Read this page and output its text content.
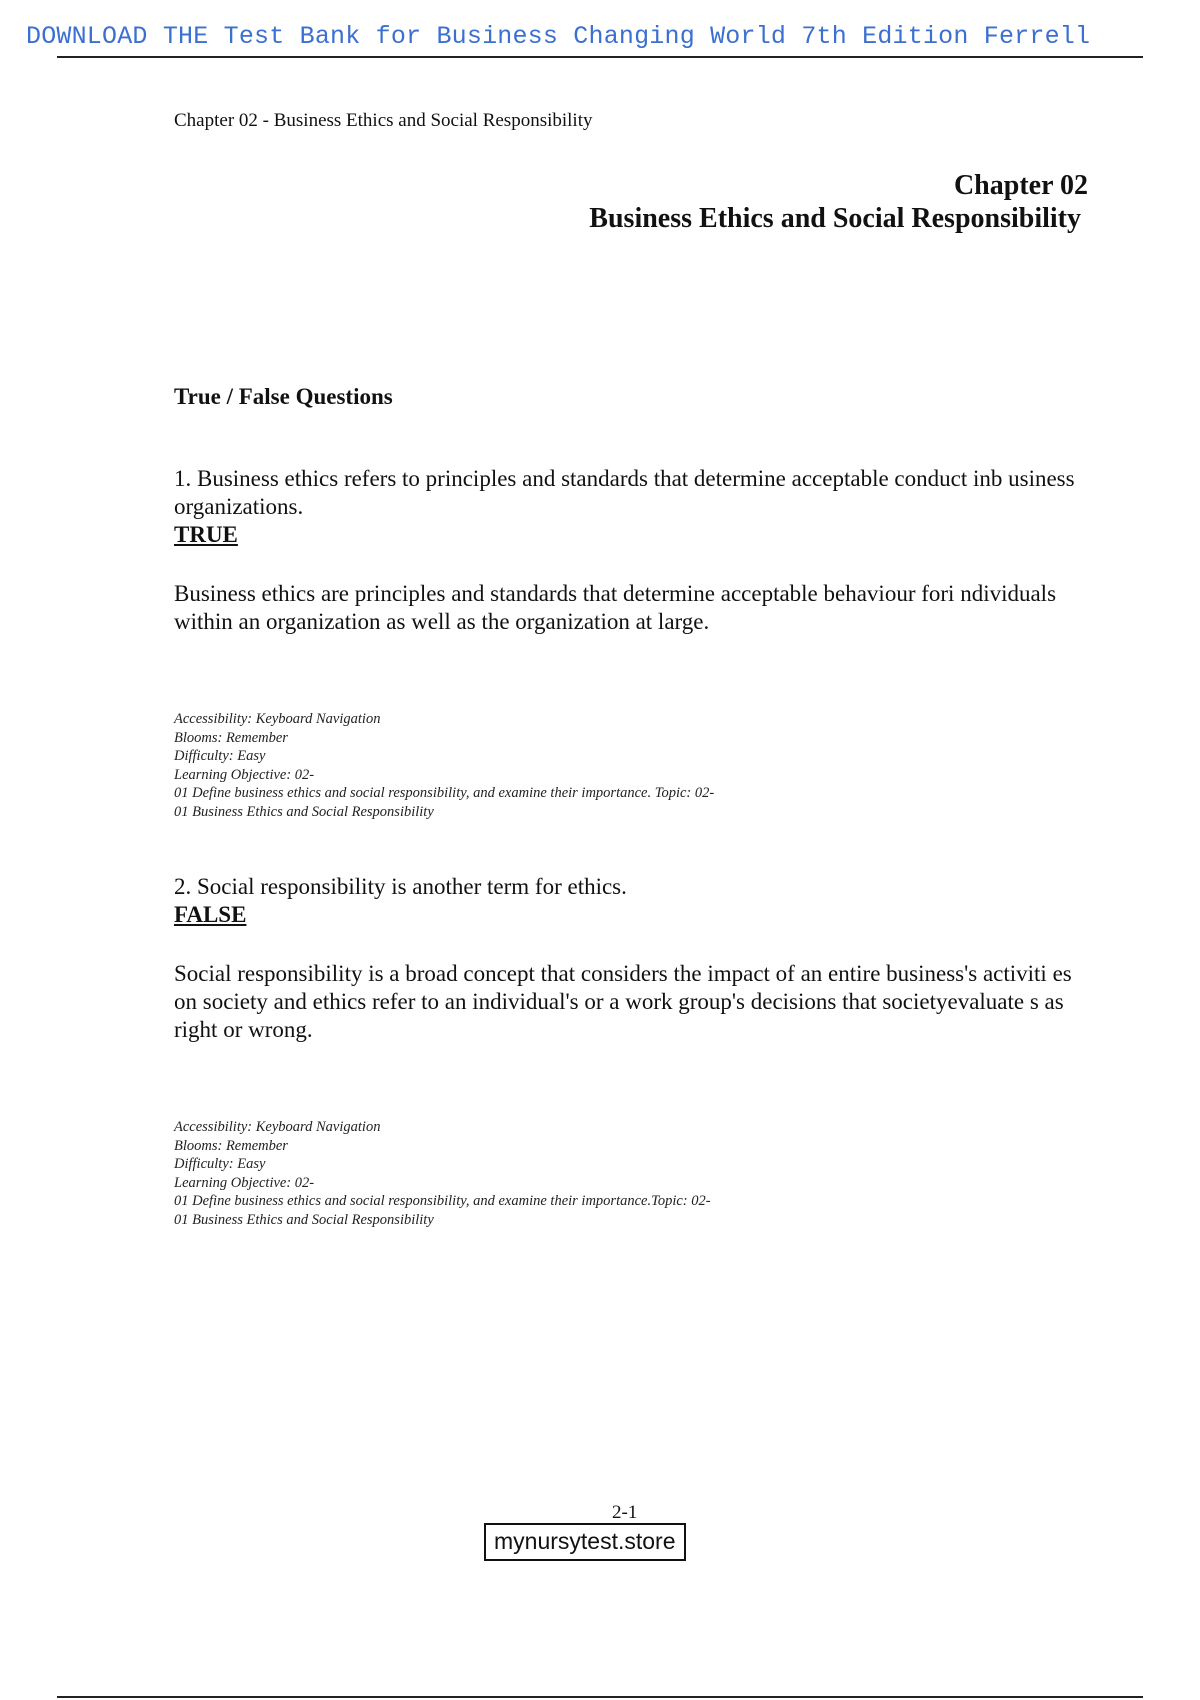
DOWNLOAD THE Test Bank for Business Changing World 7th Edition Ferrell
Chapter 02 - Business Ethics and Social Responsibility
Chapter 02
Business Ethics and Social Responsibility
True / False Questions

1. Business ethics refers to principles and standards that determine acceptable conduct inb usiness organizations.

TRUE

Business ethics are principles and standards that determine acceptable behaviour fori ndividuals within an organization as well as the organization at large.

Accessibility: Keyboard Navigation

Blooms: Remember

Difficulty: Easy

Learning Objective: 02-

01 Define business ethics and social responsibility, and examine their importance. Topic: 02-

01 Business Ethics and Social Responsibility

2. Social responsibility is another term for ethics.

FALSE

Social responsibility is a broad concept that considers the impact of an entire business's activiti es on society and ethics refer to an individual's or a work group's decisions that societyevaluate s as right or wrong.

Accessibility: Keyboard Navigation

Blooms: Remember

Difficulty: Easy

Learning Objective: 02-

01 Define business ethics and social responsibility, and examine their importance.Topic: 02-

01 Business Ethics and Social Responsibility

2-1
mynursytest.store
